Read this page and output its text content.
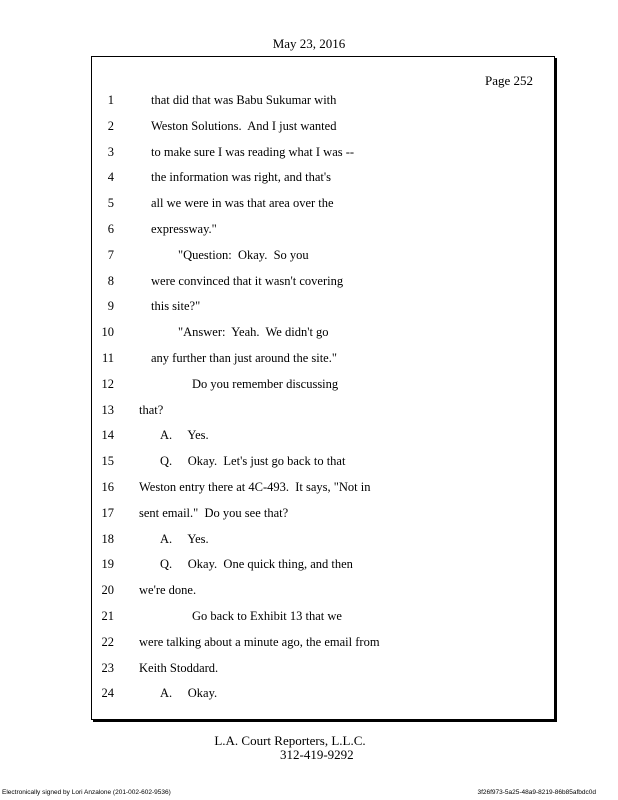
May 23, 2016
Page 252
1	that did that was Babu Sukumar with
2	Weston Solutions.  And I just wanted
3	to make sure I was reading what I was --
4	the information was right, and that's
5	all we were in was that area over the
6	expressway."
7	"Question:  Okay.  So you
8	were convinced that it wasn't covering
9	this site?"
10	"Answer:  Yeah.  We didn't go
11	any further than just around the site."
12	Do you remember discussing
13 that?
14	A.     Yes.
15	Q.     Okay.  Let's just go back to that
16 Weston entry there at 4C-493.  It says, "Not in
17 sent email."  Do you see that?
18	A.     Yes.
19	Q.     Okay.  One quick thing, and then
20 we're done.
21	Go back to Exhibit 13 that we
22 were talking about a minute ago, the email from
23 Keith Stoddard.
24	A.     Okay.
L.A. Court Reporters, L.L.C.
312-419-9292
Electronically signed by Lori Anzalone (201-002-602-9536)	3f26f973-5a25-48a9-8219-86b85afbdc0d
